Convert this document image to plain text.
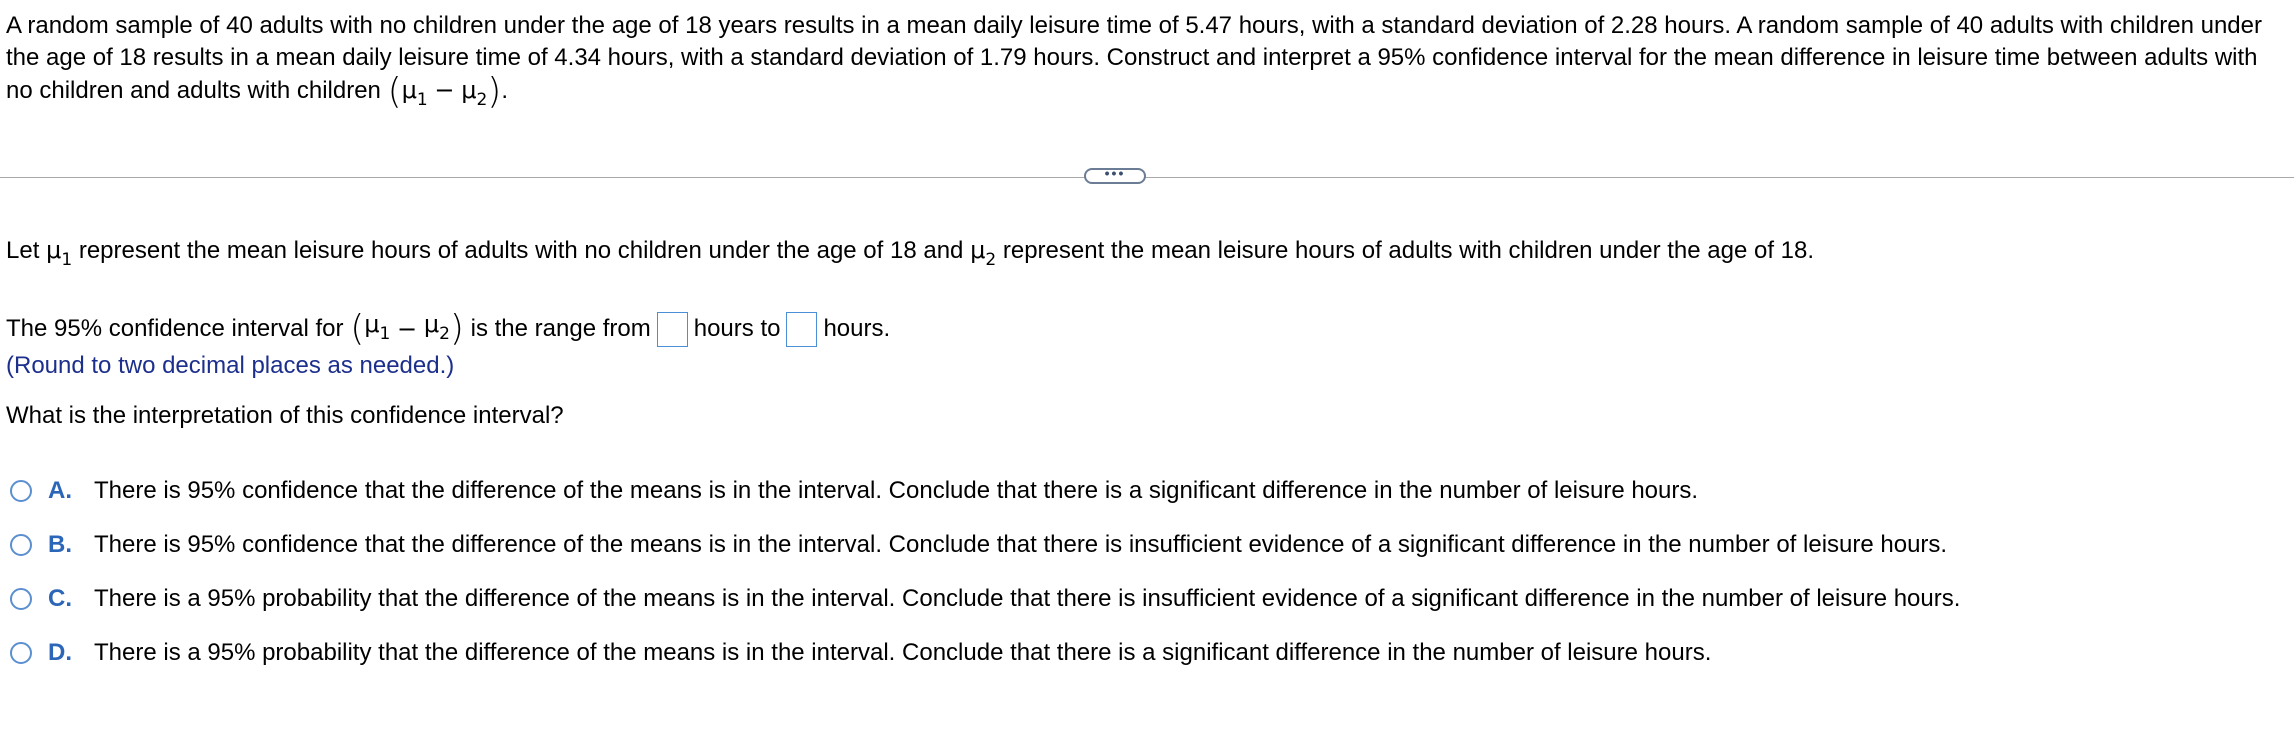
A random sample of 40 adults with no children under the age of 18 years results in a mean daily leisure time of 5.47 hours, with a standard deviation of 2.28 hours. A random sample of 40 adults with children under the age of 18 results in a mean daily leisure time of 4.34 hours, with a standard deviation of 1.79 hours. Construct and interpret a 95% confidence interval for the mean difference in leisure time between adults with no children and adults with children $(\mu_1 - \mu_2)$.

•••
Let $\mu_1$ represent the mean leisure hours of adults with no children under the age of 18 and $\mu_2$ represent the mean leisure hours of adults with children under the age of 18.
The 95% confidence interval for $(\mu_1 - \mu_2)$ is the range from hours to hours.
(Round to two decimal places as needed.)
What is the interpretation of this confidence interval?
A. There is 95% confidence that the difference of the means is in the interval. Conclude that there is a significant difference in the number of leisure hours.
B. There is 95% confidence that the difference of the means is in the interval. Conclude that there is insufficient evidence of a significant difference in the number of leisure hours.
C. There is a 95% probability that the difference of the means is in the interval. Conclude that there is insufficient evidence of a significant difference in the number of leisure hours.
D. There is a 95% probability that the difference of the means is in the interval. Conclude that there is a significant difference in the number of leisure hours.
